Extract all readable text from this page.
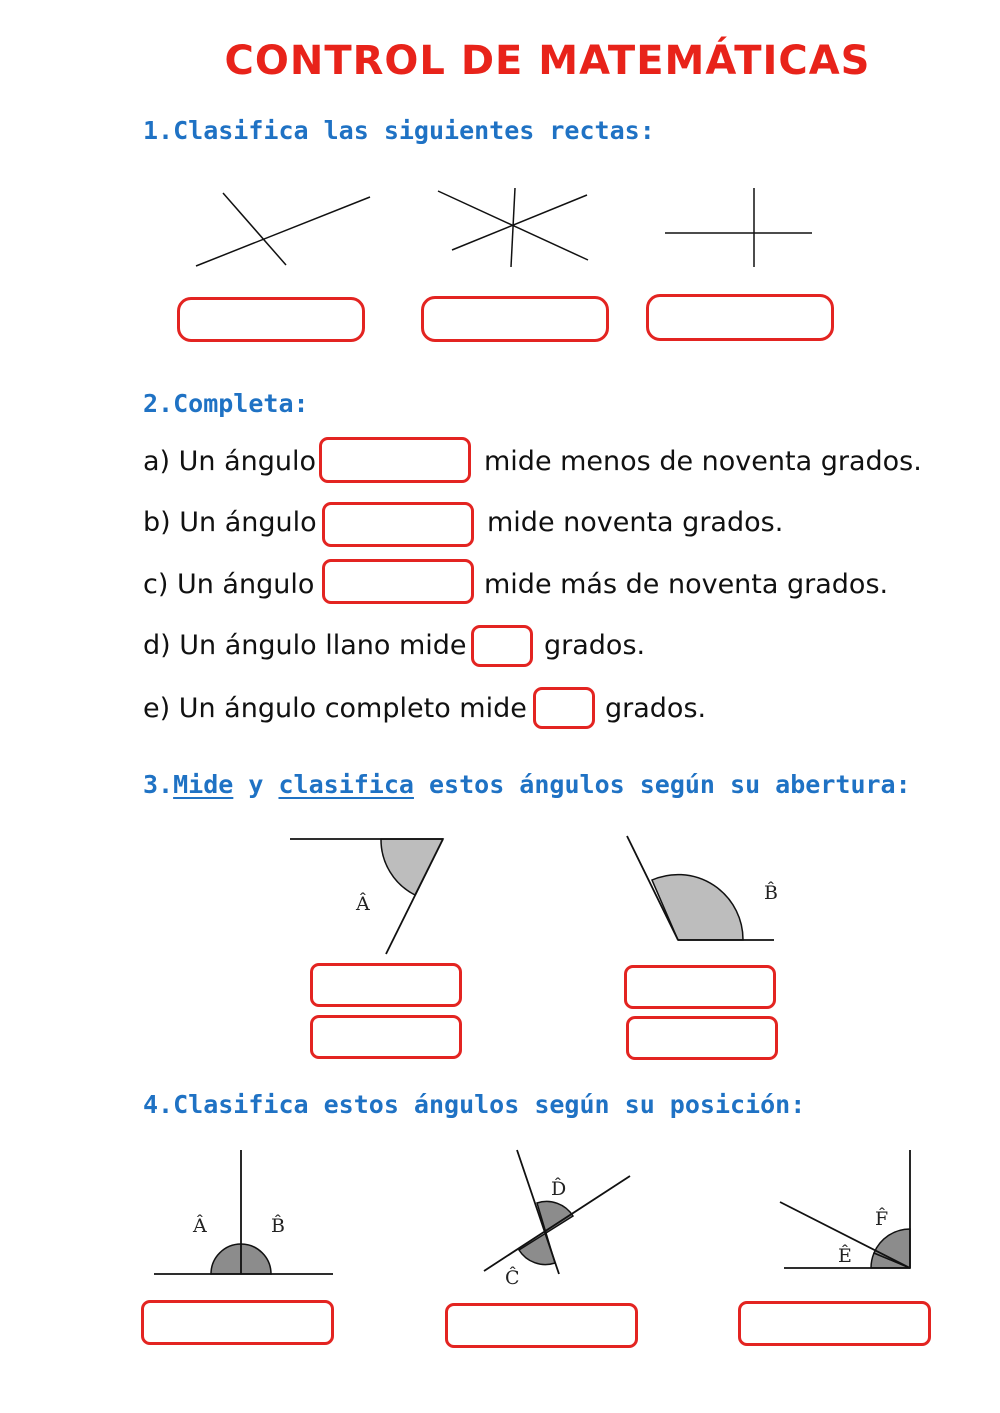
CONTROL DE MATEMÁTICAS
1.Clasifica las siguientes rectas:
2.Completa:
a) Un ángulo	mide menos de noventa grados.
b) Un ángulo	mide noventa grados.
c) Un ángulo	mide más de noventa grados.
d) Un ángulo llano mide	grados.
e) Un ángulo completo mide	grados.
3.Mide y clasifica estos ángulos según su abertura:
Â	B̂
4.Clasifica estos ángulos según su posición:
Â	B̂
D̂
Ĉ
F̂
Ê
